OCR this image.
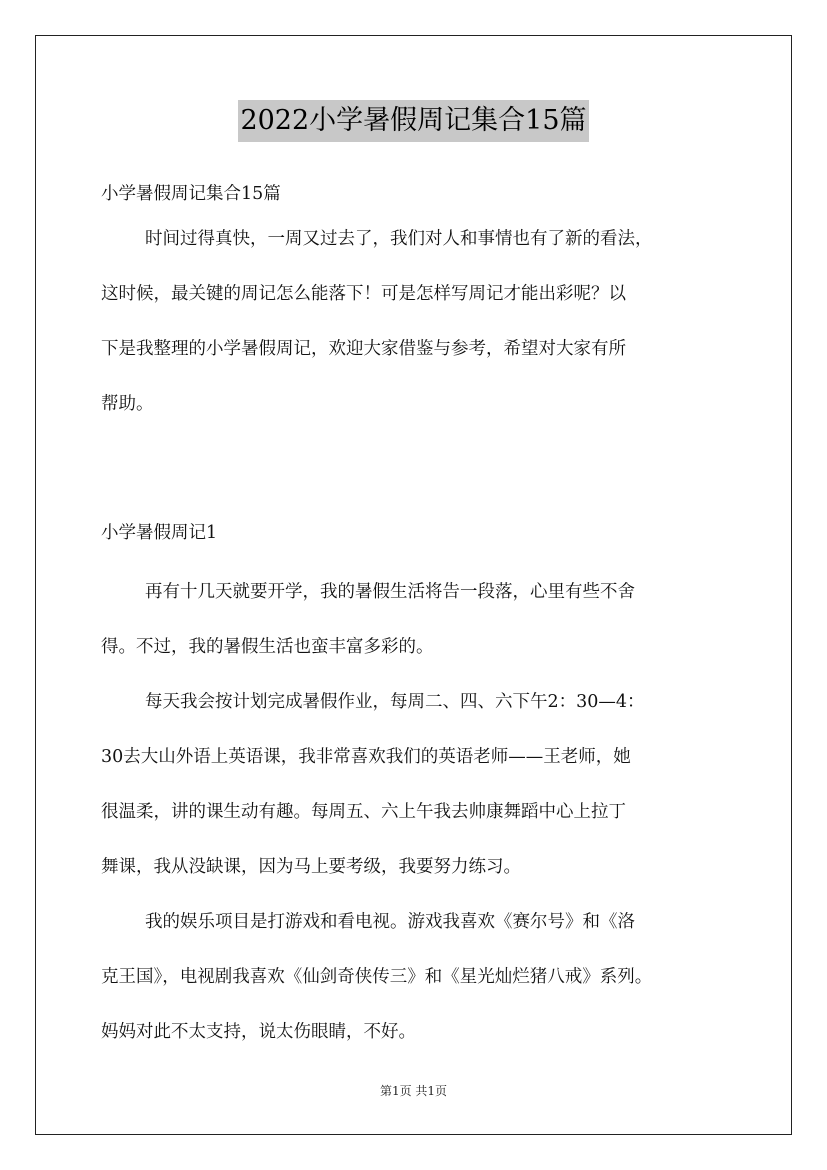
2022小学暑假周记集合15篇
小学暑假周记集合15篇

时间过得真快，一周又过去了，我们对人和事情也有了新的看法，

这时候，最关键的周记怎么能落下！可是怎样写周记才能出彩呢？以

下是我整理的小学暑假周记，欢迎大家借鉴与参考，希望对大家有所

帮助。

小学暑假周记1

再有十几天就要开学，我的暑假生活将告一段落，心里有些不舍

得。不过，我的暑假生活也蛮丰富多彩的。

每天我会按计划完成暑假作业，每周二、四、六下午2：30—4：

30去大山外语上英语课，我非常喜欢我们的英语老师——王老师，她

很温柔，讲的课生动有趣。每周五、六上午我去帅康舞蹈中心上拉丁

舞课，我从没缺课，因为马上要考级，我要努力练习。

我的娱乐项目是打游戏和看电视。游戏我喜欢《赛尔号》和《洛

克王国》，电视剧我喜欢《仙剑奇侠传三》和《星光灿烂猪八戒》系列。

妈妈对此不太支持，说太伤眼睛，不好。

第1页 共1页
